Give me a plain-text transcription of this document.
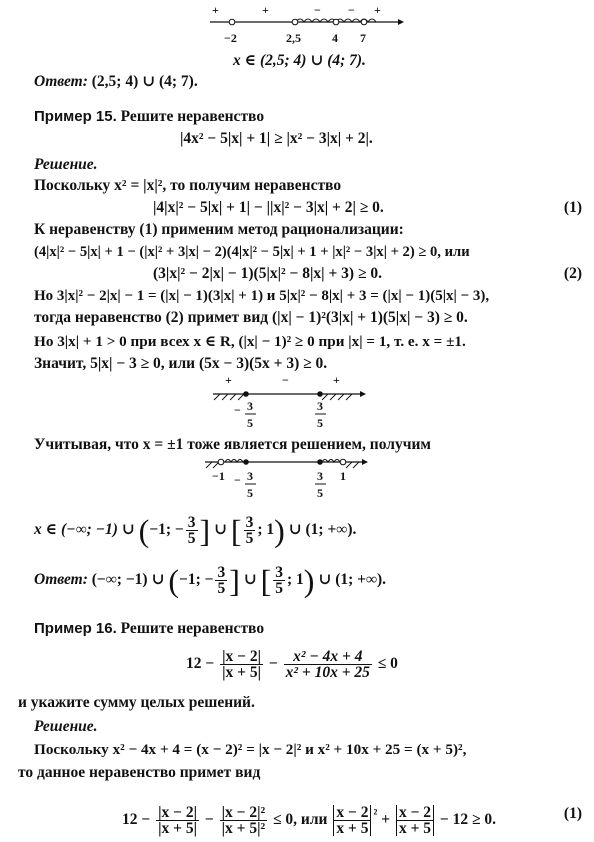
+	+	− − +
−2	2,5	4 7
x ∈ (2,5; 4) ∪ (4; 7).
Ответ: (2,5; 4) ∪ (4; 7).
Пример 15. Решите неравенство
|4x² − 5|x| + 1| ≥ |x² − 3|x| + 2|.
Решение.
Поскольку x² = |x|², то получим неравенство
|4|x|² − 5|x| + 1| − ||x|² − 3|x| + 2| ≥ 0.	(1)
К неравенству (1) применим метод рационализации:
(4|x|² − 5|x| + 1 − (|x|² + 3|x| − 2)(4|x|² − 5|x| + 1 + |x|² − 3|x| + 2) ≥ 0, или
(3|x|² − 2|x| − 1)(5|x|² − 8|x| + 3) ≥ 0.	(2)
Но 3|x|² − 2|x| − 1 = (|x| − 1)(3|x| + 1) и 5|x|² − 8|x| + 3 = (|x| − 1)(5|x| − 3),
тогда неравенство (2) примет вид (|x| − 1)²(3|x| + 1)(5|x| − 3) ≥ 0.
Но 3|x| + 1 > 0 при всех x ∈ R, (|x| − 1)² ≥ 0 при |x| = 1, т. е. x = ±1.
Значит, 5|x| − 3 ≥ 0, или (5x − 3)(5x + 3) ≥ 0.
+	−	+
− 3
5
3
5
Учитывая, что x = ±1 тоже является решением, получим
−1	1
− 3
5
3
5
x ∈ (−∞; −1) ∪ (−1; − $\frac{3}{5}$ ] ∪ [ $\frac{3}{5}$ ; 1) ∪ (1; +∞).
Ответ: (−∞; −1) ∪ (−1; − $\frac{3}{5}$ ] ∪ [ $\frac{3}{5}$ ; 1) ∪ (1; +∞).
Пример 16. Решите неравенство
$12 - \frac{|x - 2|}{|x + 5|} - \frac{\text{x² − 4x + 4}}{\text{x² + 10x + 25}} \le 0$
и укажите сумму целых решений.
Решение.
Поскольку x² − 4x + 4 = (x − 2)² = |x − 2|² и x² + 10x + 25 = (x + 5)²,
то данное неравенство примет вид
$12 - \frac{|x - 2|}{|x + 5|} - \frac{\text{|x − 2|²}}{\text{|x + 5|²}} \le 0$, или $\frac{x - 2}{x + 5} ^{^2} + \frac{x - 2}{x + 5} - 12 \ge 0$.	(1)
